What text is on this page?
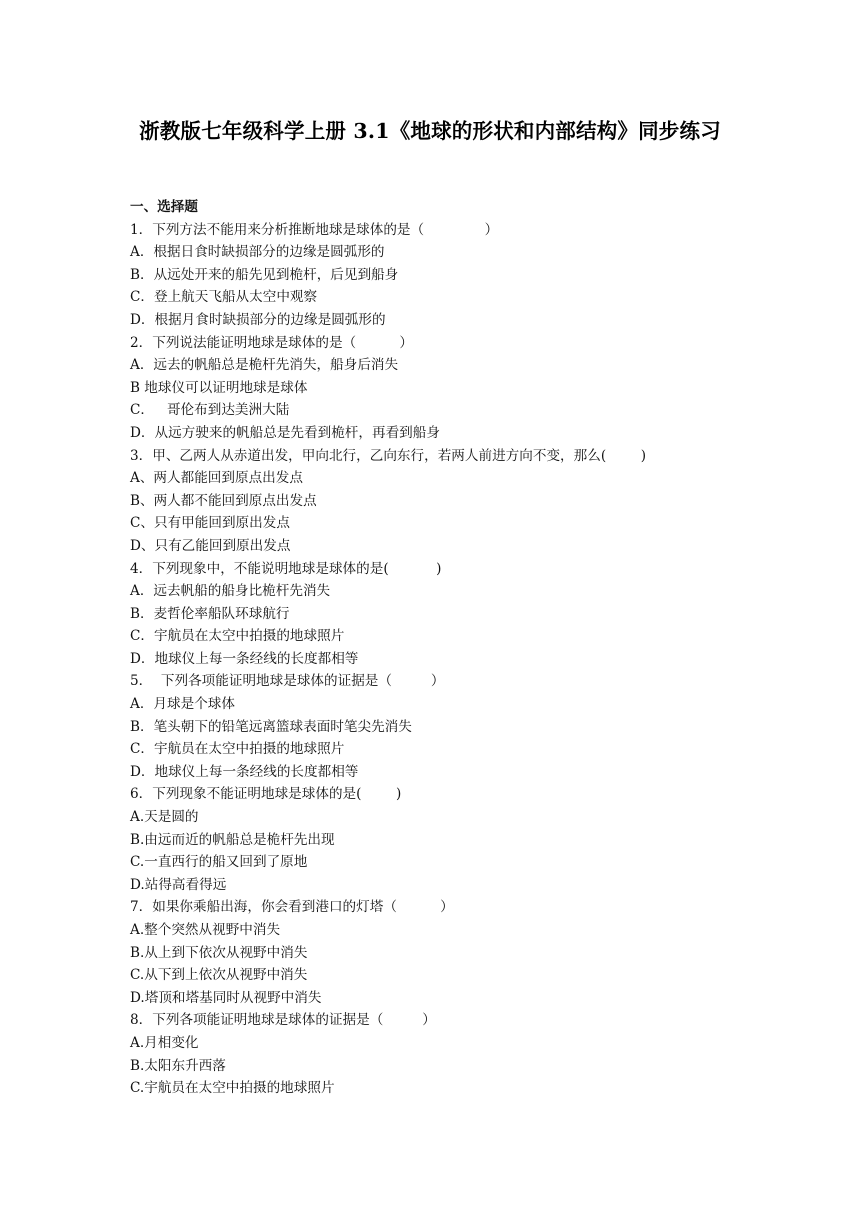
浙教版七年级科学上册 3.1《地球的形状和内部结构》同步练习
一、选择题
1．下列方法不能用来分析推断地球是球体的是（              ）
A．根据日食时缺损部分的边缘是圆弧形的
B．从远处开来的船先见到桅杆，后见到船身
C．登上航天飞船从太空中观察
D．根据月食时缺损部分的边缘是圆弧形的
2．下列说法能证明地球是球体的是（          ）
A．远去的帆船总是桅杆先消失，船身后消失
B 地球仪可以证明地球是球体
C．   哥伦布到达美洲大陆
D．从远方驶来的帆船总是先看到桅杆，再看到船身
3．甲、乙两人从赤道出发，甲向北行，乙向东行，若两人前进方向不变，那么(        )
A、两人都能回到原点出发点
B、两人都不能回到原点出发点
C、只有甲能回到原出发点
D、只有乙能回到原出发点
4．下列现象中，不能说明地球是球体的是(           )
A．远去帆船的船身比桅杆先消失
B．麦哲伦率船队环球航行
C．宇航员在太空中拍摄的地球照片
D．地球仪上每一条经线的长度都相等
5．  下列各项能证明地球是球体的证据是（         ）
A．月球是个球体
B．笔头朝下的铅笔远离篮球表面时笔尖先消失
C．宇航员在太空中拍摄的地球照片
D．地球仪上每一条经线的长度都相等
6．下列现象不能证明地球是球体的是(        )
A.天是圆的
B.由远而近的帆船总是桅杆先出现
C.一直西行的船又回到了原地
D.站得高看得远
7．如果你乘船出海，你会看到港口的灯塔（          ）
A.整个突然从视野中消失
B.从上到下依次从视野中消失
C.从下到上依次从视野中消失
D.塔顶和塔基同时从视野中消失
8．下列各项能证明地球是球体的证据是（         ）
A.月相变化
B.太阳东升西落
C.宇航员在太空中拍摄的地球照片
